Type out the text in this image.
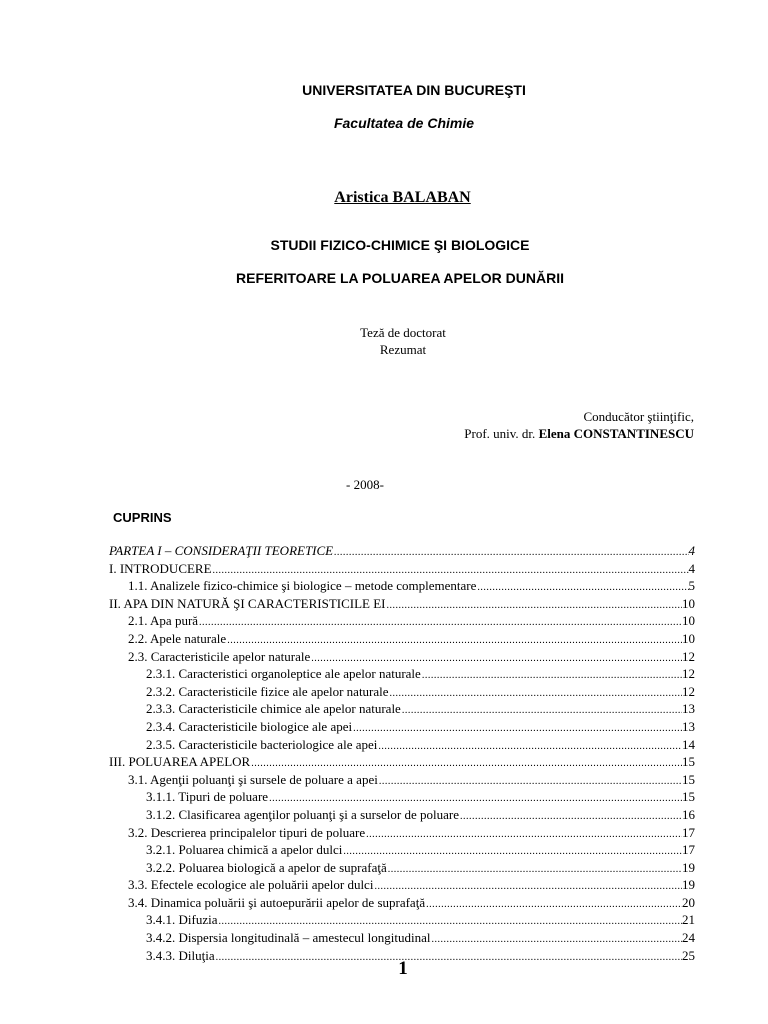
UNIVERSITATEA DIN BUCUREŞTI
Facultatea de Chimie
Aristica BALABAN
STUDII FIZICO-CHIMICE ŞI BIOLOGICE
REFERITOARE LA POLUAREA APELOR DUNĂRII
Teză de doctorat
Rezumat
Conducător ştiinţific,
Prof. univ. dr. Elena CONSTANTINESCU
- 2008-
CUPRINS
PARTEA I – CONSIDERAŢII TEORETICE .....	4
I. INTRODUCERE .....	4
1.1. Analizele fizico-chimice şi biologice – metode complementare .....	5
II. APA DIN NATURĂ ŞI CARACTERISTICILE EI .....	10
2.1. Apa pură .....	10
2.2. Apele naturale .....	10
2.3. Caracteristicile apelor naturale .....	12
2.3.1. Caracteristici organoleptice ale apelor naturale .....	12
2.3.2. Caracteristicile fizice ale apelor naturale .....	12
2.3.3. Caracteristicile chimice ale apelor naturale .....	13
2.3.4. Caracteristicile biologice ale apei .....	13
2.3.5. Caracteristicile bacteriologice ale apei .....	14
III. POLUAREA APELOR .....	15
3.1. Agenţii poluanţi şi sursele de poluare a apei .....	15
3.1.1. Tipuri de poluare .....	15
3.1.2. Clasificarea agenţilor poluanţi şi a surselor de poluare .....	16
3.2. Descrierea principalelor tipuri de poluare .....	17
3.2.1. Poluarea chimică a apelor dulci .....	17
3.2.2. Poluarea biologică a apelor de suprafaţă .....	19
3.3. Efectele ecologice ale poluării apelor dulci .....	19
3.4. Dinamica poluării şi autoepurării apelor de suprafaţă .....	20
3.4.1. Difuzia .....	21
3.4.2. Dispersia longitudinală – amestecul longitudinal .....	24
3.4.3. Diluţia .....	25
1
